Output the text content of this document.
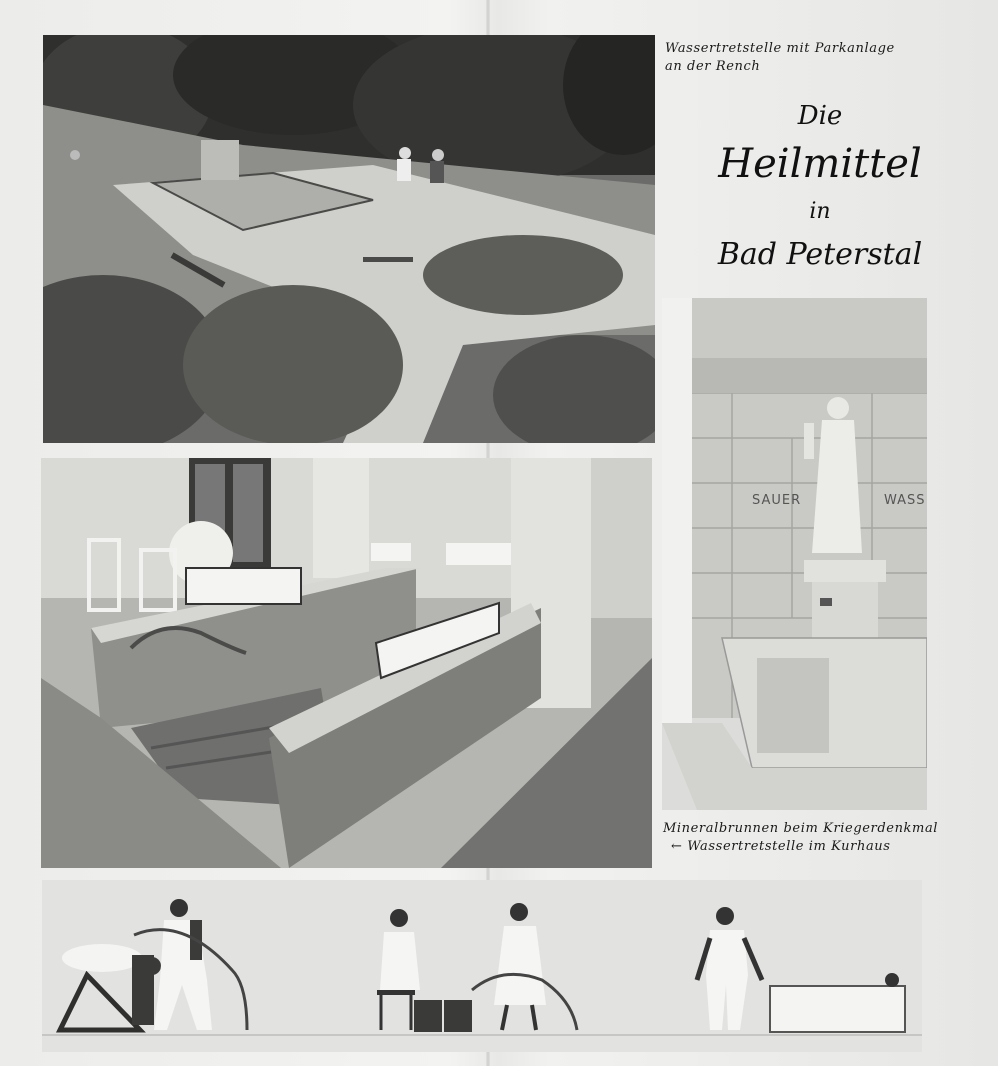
SAUER	WASS
Wassertretstelle mit Parkanlage
an der Rench
Die
Heilmittel
in
Bad Peterstal
Mineralbrunnen beim Kriegerdenkmal
← Wassertretstelle im Kurhaus
